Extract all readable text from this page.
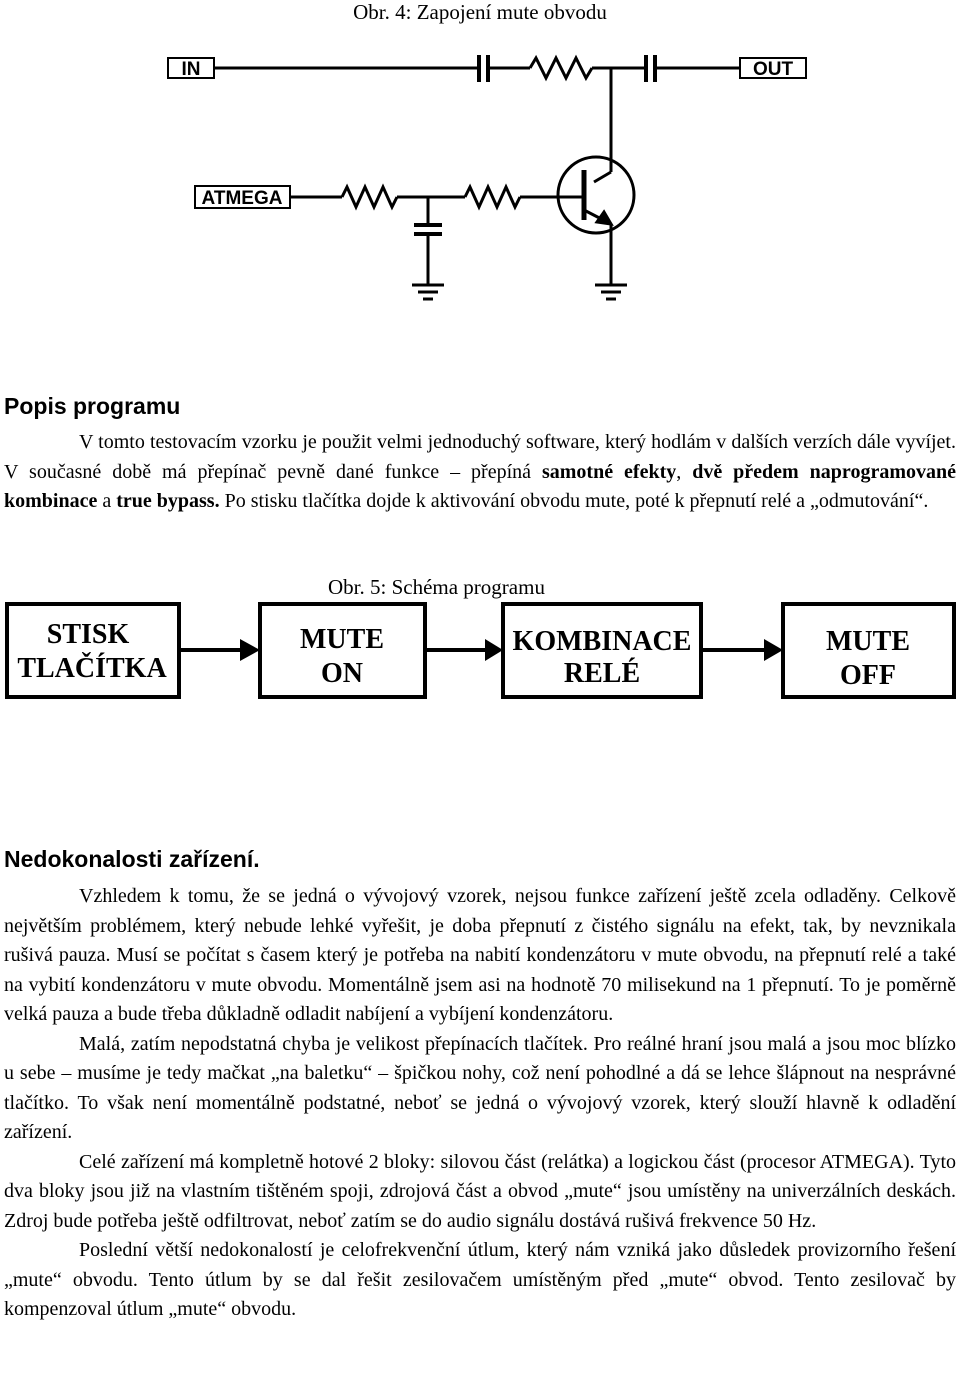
Obr. 4: Zapojení mute obvodu
IN	OUT
ATMEGA
Popis programu

V tomto testovacím vzorku je použit velmi jednoduchý software, který hodlám v dalších verzích dále vyvíjet. V současné době má přepínač pevně dané funkce – přepíná samotné efekty, dvě předem naprogramované kombinace a true bypass. Po stisku tlačítka dojde k aktivování obvodu mute, poté k přepnutí relé a „odmutování“.

Obr. 5: Schéma programu
STISK
TLAČÍTKA
MUTE
ON
KOMBINACE
RELÉ
MUTE
OFF
Nedokonalosti zařízení.

Vzhledem k tomu, že se jedná o vývojový vzorek, nejsou funkce zařízení ještě zcela odladěny. Celkově největším problémem, který nebude lehké vyřešit, je doba přepnutí z čistého signálu na efekt, tak, by nevznikala rušivá pauza. Musí se počítat s časem který je potřeba na nabití kondenzátoru v mute obvodu, na přepnutí relé a také na vybití kondenzátoru v mute obvodu. Momentálně jsem asi na hodnotě 70 milisekund na 1 přepnutí. To je poměrně velká pauza a bude třeba důkladně odladit nabíjení a vybíjení kondenzátoru.

Malá, zatím nepodstatná chyba je velikost přepínacích tlačítek. Pro reálné hraní jsou malá a jsou moc blízko u sebe – musíme je tedy mačkat „na baletku“ – špičkou nohy, což není pohodlné a dá se lehce šlápnout na nesprávné tlačítko. To však není momentálně podstatné, neboť se jedná o vývojový vzorek, který slouží hlavně k odladění zařízení.

Celé zařízení má kompletně hotové 2 bloky: silovou část (relátka) a logickou část (procesor ATMEGA). Tyto dva bloky jsou již na vlastním tištěném spoji, zdrojová část a obvod „mute“ jsou umístěny na univerzálních deskách. Zdroj bude potřeba ještě odfiltrovat, neboť zatím se do audio signálu dostává rušivá frekvence 50 Hz.

Poslední větší nedokonalostí je celofrekvenční útlum, který nám vzniká jako důsledek provizorního řešení „mute“ obvodu. Tento útlum by se dal řešit zesilovačem umístěným před „mute“ obvod. Tento zesilovač by kompenzoval útlum „mute“ obvodu.
